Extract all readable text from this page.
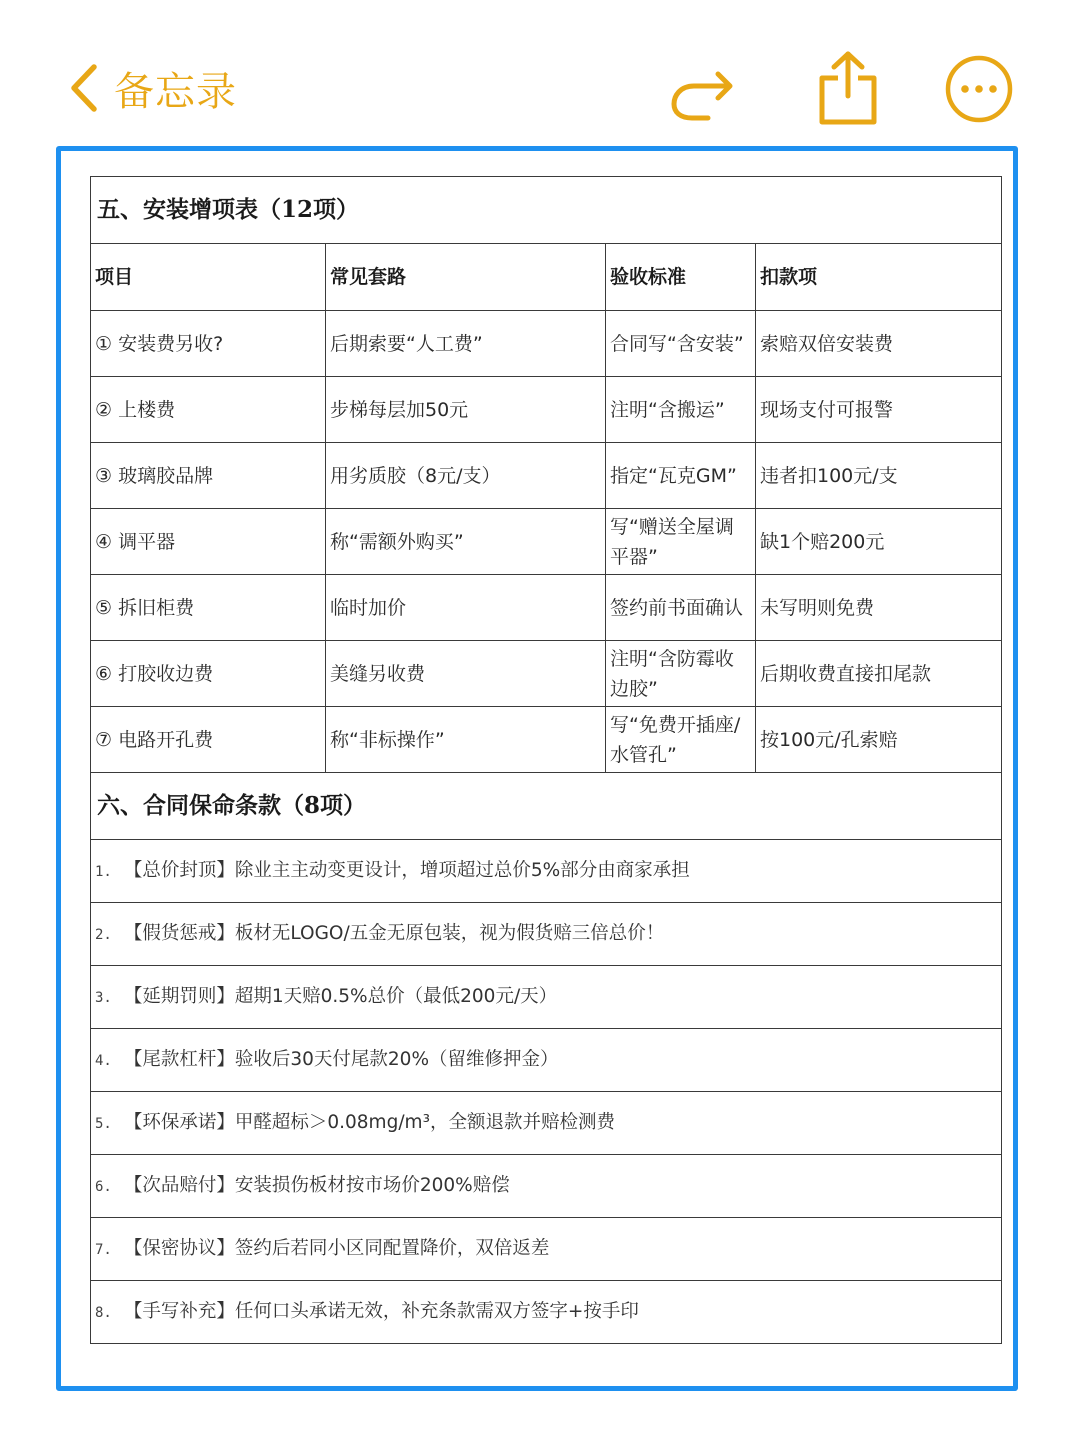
备忘录
五、安装增项表（12项）			
项目	常见套路	验收标准	扣款项
① 安装费另收?	后期索要“人工费”	合同写“含安装”	索赔双倍安装费
② 上楼费	步梯每层加50元	注明“含搬运”	现场支付可报警
③ 玻璃胶品牌	用劣质胶（8元/支）	指定“瓦克GM”	违者扣100元/支
④ 调平器	称“需额外购买”	写“赠送全屋调平器”	缺1个赔200元
⑤ 拆旧柜费	临时加价	签约前书面确认	未写明则免费
⑥ 打胶收边费	美缝另收费	注明“含防霉收边胶”	后期收费直接扣尾款
⑦ 电路开孔费	称“非标操作”	写“免费开插座/水管孔”	按100元/孔索赔
六、合同保命条款（8项）			
1. 【总价封顶】除业主主动变更设计，增项超过总价5%部分由商家承担			
2. 【假货惩戒】板材无LOGO/五金无原包装，视为假货赔三倍总价！			
3. 【延期罚则】超期1天赔0.5%总价（最低200元/天）			
4. 【尾款杠杆】验收后30天付尾款20%（留维修押金）			
5. 【环保承诺】甲醛超标＞0.08mg/m³，全额退款并赔检测费			
6. 【次品赔付】安装损伤板材按市场价200%赔偿			
7. 【保密协议】签约后若同小区同配置降价，双倍返差			
8. 【手写补充】任何口头承诺无效，补充条款需双方签字+按手印			
